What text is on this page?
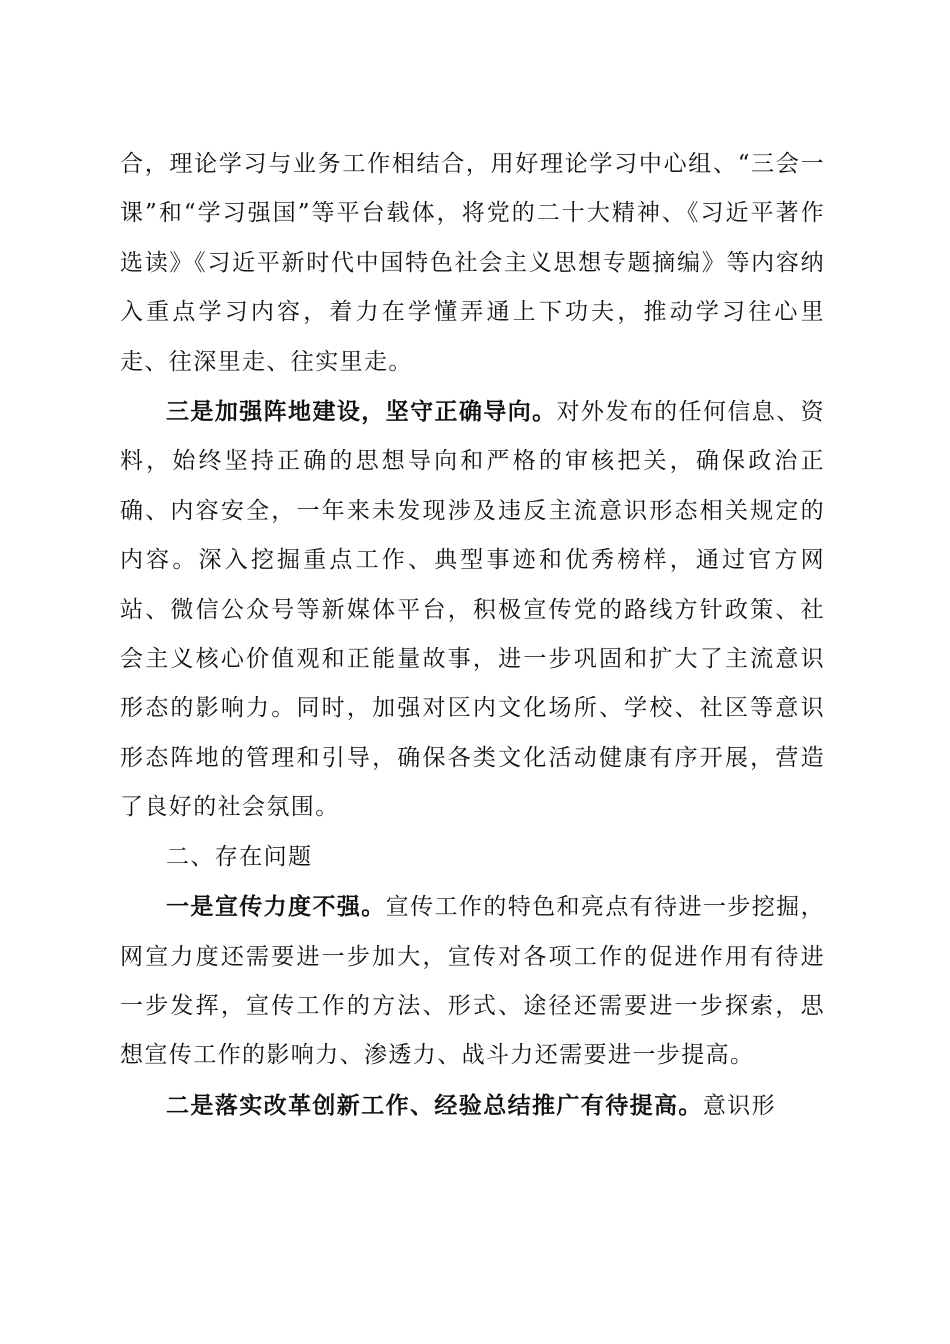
合，理论学习与业务工作相结合，用好理论学习中心组、“三会一课”和“学习强国”等平台载体，将党的二十大精神、《习近平著作选读》《习近平新时代中国特色社会主义思想专题摘编》等内容纳入重点学习内容，着力在学懂弄通上下功夫，推动学习往心里走、往深里走、往实里走。

三是加强阵地建设，坚守正确导向。对外发布的任何信息、资料，始终坚持正确的思想导向和严格的审核把关，确保政治正确、内容安全，一年来未发现涉及违反主流意识形态相关规定的内容。深入挖掘重点工作、典型事迹和优秀榜样，通过官方网站、微信公众号等新媒体平台，积极宣传党的路线方针政策、社会主义核心价值观和正能量故事，进一步巩固和扩大了主流意识形态的影响力。同时，加强对区内文化场所、学校、社区等意识形态阵地的管理和引导，确保各类文化活动健康有序开展，营造了良好的社会氛围。

二、存在问题

一是宣传力度不强。宣传工作的特色和亮点有待进一步挖掘，网宣力度还需要进一步加大，宣传对各项工作的促进作用有待进一步发挥，宣传工作的方法、形式、途径还需要进一步探索，思想宣传工作的影响力、渗透力、战斗力还需要进一步提高。

二是落实改革创新工作、经验总结推广有待提高。意识形
